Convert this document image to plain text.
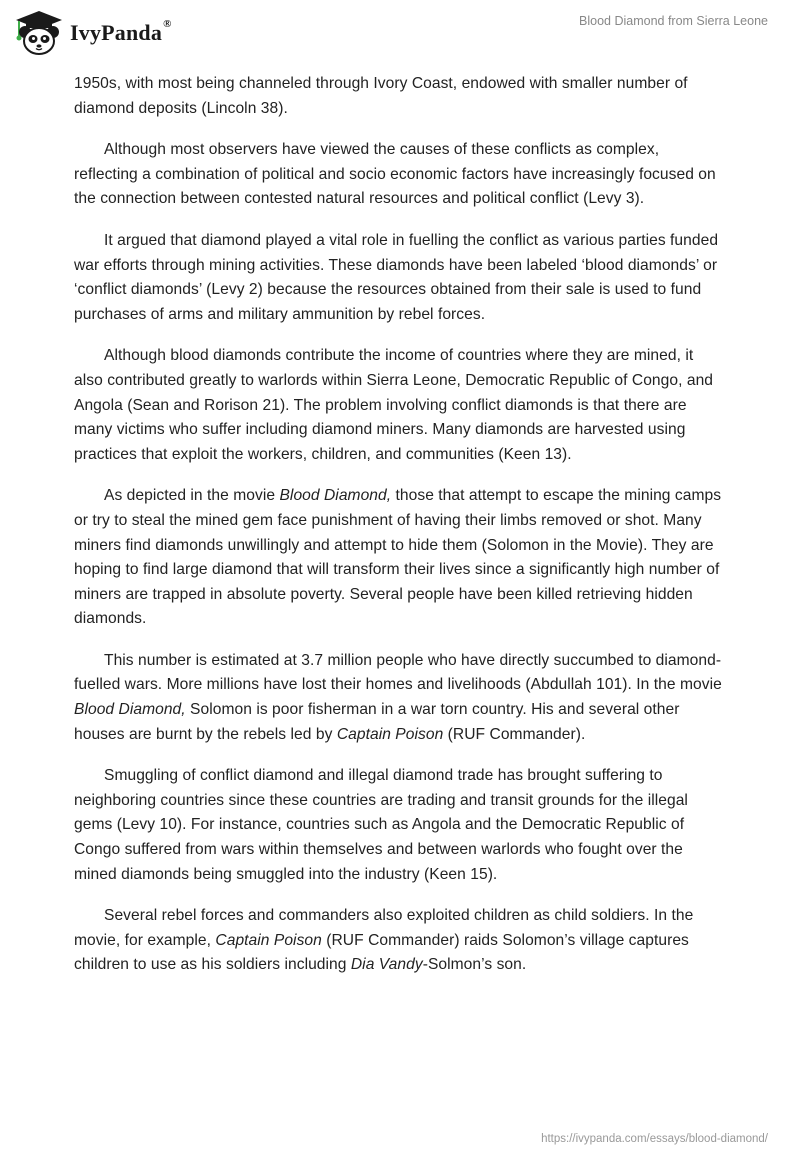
IvyPanda®	Blood Diamond from Sierra Leone

1950s, with most being channeled through Ivory Coast, endowed with smaller number of diamond deposits (Lincoln 38).

Although most observers have viewed the causes of these conflicts as complex, reflecting a combination of political and socio economic factors have increasingly focused on the connection between contested natural resources and political conflict (Levy 3).

It argued that diamond played a vital role in fuelling the conflict as various parties funded war efforts through mining activities. These diamonds have been labeled ‘blood diamonds’ or ‘conflict diamonds’ (Levy 2) because the resources obtained from their sale is used to fund purchases of arms and military ammunition by rebel forces.

Although blood diamonds contribute the income of countries where they are mined, it also contributed greatly to warlords within Sierra Leone, Democratic Republic of Congo, and Angola (Sean and Rorison 21). The problem involving conflict diamonds is that there are many victims who suffer including diamond miners. Many diamonds are harvested using practices that exploit the workers, children, and communities (Keen 13).

As depicted in the movie Blood Diamond, those that attempt to escape the mining camps or try to steal the mined gem face punishment of having their limbs removed or shot. Many miners find diamonds unwillingly and attempt to hide them (Solomon in the Movie). They are hoping to find large diamond that will transform their lives since a significantly high number of miners are trapped in absolute poverty. Several people have been killed retrieving hidden diamonds.

This number is estimated at 3.7 million people who have directly succumbed to diamond-fuelled wars. More millions have lost their homes and livelihoods (Abdullah 101). In the movie Blood Diamond, Solomon is poor fisherman in a war torn country. His and several other houses are burnt by the rebels led by Captain Poison (RUF Commander).

Smuggling of conflict diamond and illegal diamond trade has brought suffering to neighboring countries since these countries are trading and transit grounds for the illegal gems (Levy 10). For instance, countries such as Angola and the Democratic Republic of Congo suffered from wars within themselves and between warlords who fought over the mined diamonds being smuggled into the industry (Keen 15).

Several rebel forces and commanders also exploited children as child soldiers. In the movie, for example, Captain Poison (RUF Commander) raids Solomon’s village captures children to use as his soldiers including Dia Vandy-Solmon’s son.

https://ivypanda.com/essays/blood-diamond/
